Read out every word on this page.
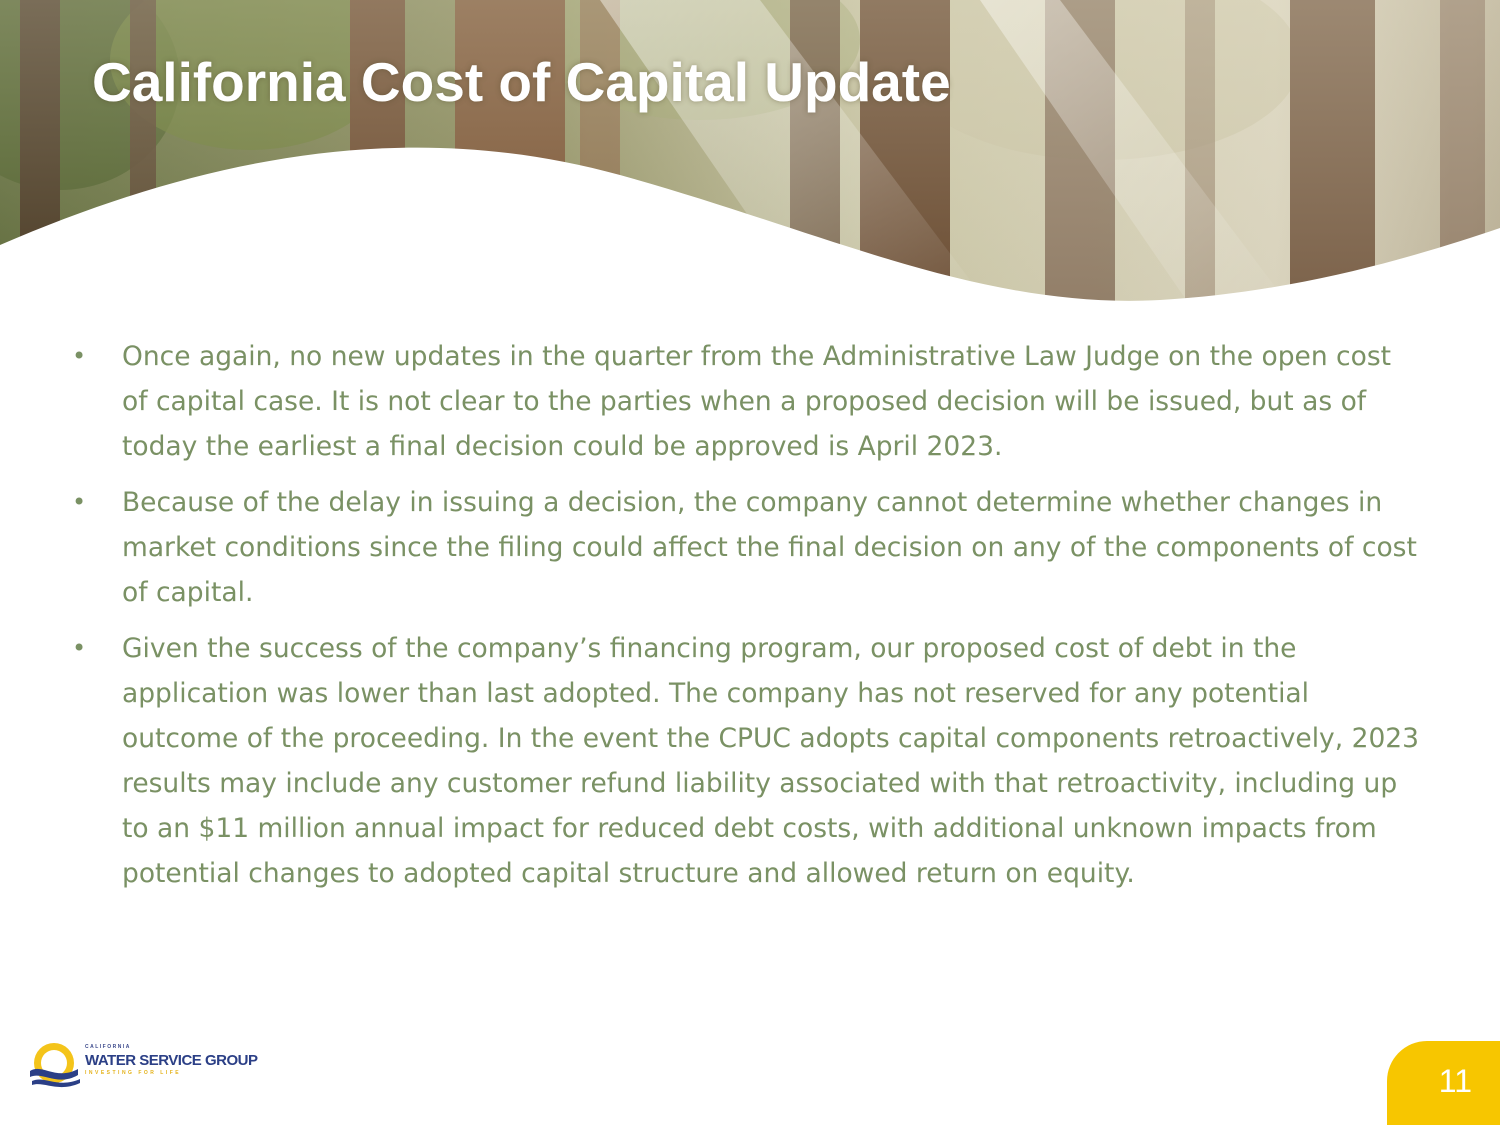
California Cost of Capital Update
• Once again, no new updates in the quarter from the Administrative Law Judge on the open cost of capital case. It is not clear to the parties when a proposed decision will be issued, but as of today the earliest a final decision could be approved is April 2023.
• Because of the delay in issuing a decision, the company cannot determine whether changes in market conditions since the filing could affect the final decision on any of the components of cost of capital.
• Given the success of the company’s financing program, our proposed cost of debt in the application was lower than last adopted. The company has not reserved for any potential outcome of the proceeding. In the event the CPUC adopts capital components retroactively, 2023 results may include any customer refund liability associated with that retroactivity, including up to an $11 million annual impact for reduced debt costs, with additional unknown impacts from potential changes to adopted capital structure and allowed return on equity.
CALIFORNIA
WATER SERVICE GROUP
INVESTING FOR LIFE	11
